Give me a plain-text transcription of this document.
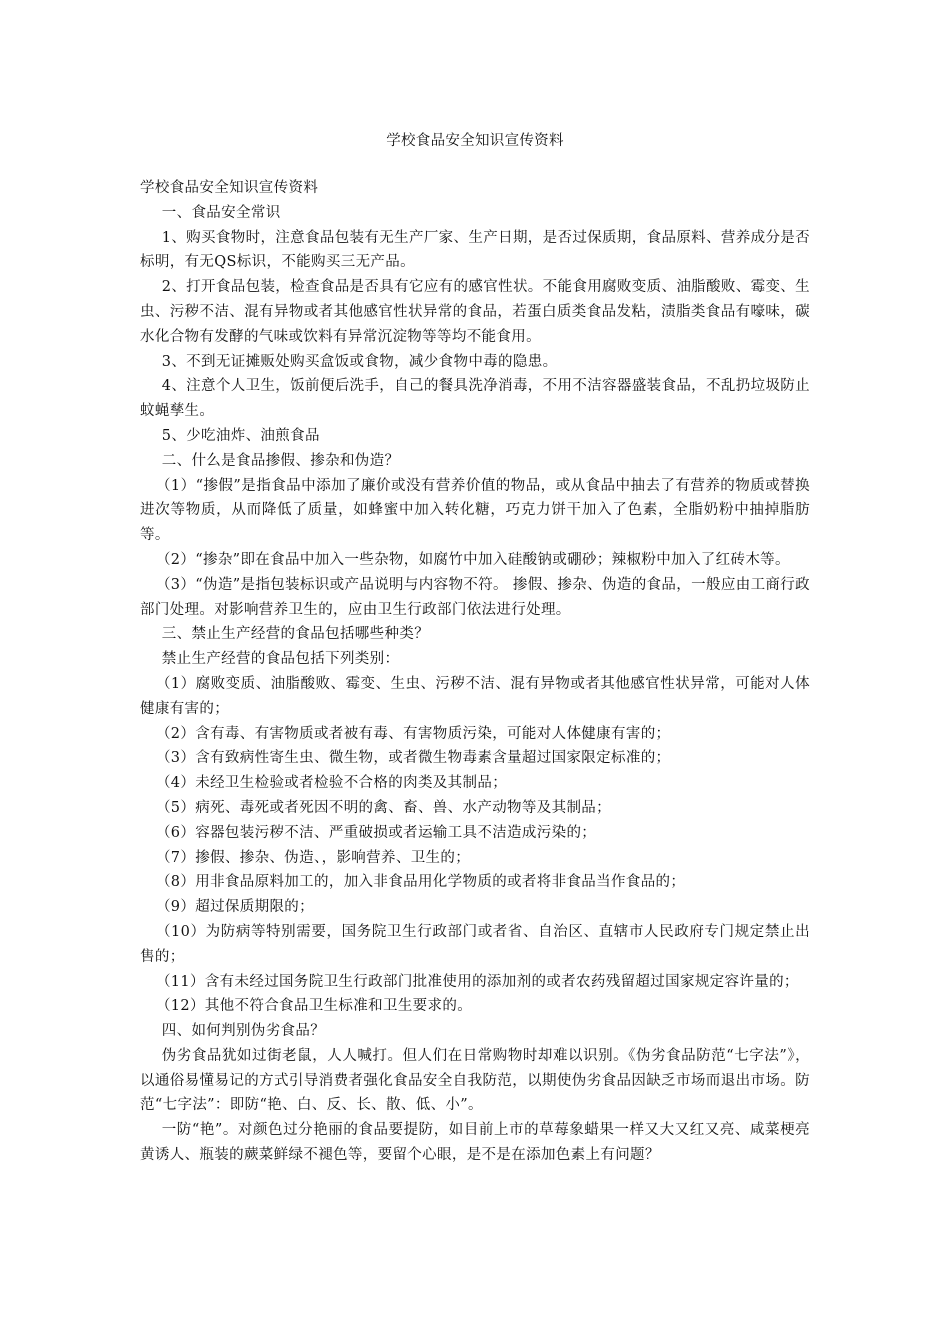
学校食品安全知识宣传资料

学校食品安全知识宣传资料

一、食品安全常识

1、购买食物时，注意食品包装有无生产厂家、生产日期，是否过保质期，食品原料、营养成分是否标明，有无QS标识，不能购买三无产品。

2、打开食品包装，检查食品是否具有它应有的感官性状。不能食用腐败变质、油脂酸败、霉变、生虫、污秽不洁、混有异物或者其他感官性状异常的食品，若蛋白质类食品发粘，渍脂类食品有嚎味，碳水化合物有发酵的气味或饮料有异常沉淀物等等均不能食用。

3、不到无证摊贩处购买盒饭或食物，减少食物中毒的隐患。

4、注意个人卫生，饭前便后洗手，自己的餐具洗净消毒，不用不洁容器盛装食品，不乱扔垃圾防止蚊蝇孳生。

5、少吃油炸、油煎食品

二、什么是食品掺假、掺杂和伪造？

（1）“掺假”是指食品中添加了廉价或没有营养价值的物品，或从食品中抽去了有营养的物质或替换进次等物质，从而降低了质量，如蜂蜜中加入转化糖，巧克力饼干加入了色素，全脂奶粉中抽掉脂肪等。

（2）“掺杂”即在食品中加入一些杂物，如腐竹中加入硅酸钠或硼砂；辣椒粉中加入了红砖木等。

（3）“伪造”是指包装标识或产品说明与内容物不符。 掺假、掺杂、伪造的食品，一般应由工商行政部门处理。对影响营养卫生的，应由卫生行政部门依法进行处理。

三、禁止生产经营的食品包括哪些种类？

禁止生产经营的食品包括下列类别：

（1）腐败变质、油脂酸败、霉变、生虫、污秽不洁、混有异物或者其他感官性状异常，可能对人体健康有害的；

（2）含有毒、有害物质或者被有毒、有害物质污染，可能对人体健康有害的；

（3）含有致病性寄生虫、微生物，或者微生物毒素含量超过国家限定标准的；

（4）未经卫生检验或者检验不合格的肉类及其制品；

（5）病死、毒死或者死因不明的禽、畜、兽、水产动物等及其制品；

（6）容器包装污秽不洁、严重破损或者运输工具不洁造成污染的；

（7）掺假、掺杂、伪造、，影响营养、卫生的；

（8）用非食品原料加工的，加入非食品用化学物质的或者将非食品当作食品的；

（9）超过保质期限的；

（10）为防病等特别需要，国务院卫生行政部门或者省、自治区、直辖市人民政府专门规定禁止出售的；

（11）含有未经过国务院卫生行政部门批准使用的添加剂的或者农药残留超过国家规定容许量的；

（12）其他不符合食品卫生标准和卫生要求的。

四、如何判别伪劣食品？

伪劣食品犹如过街老鼠，人人喊打。但人们在日常购物时却难以识别。《伪劣食品防范“七字法”》，以通俗易懂易记的方式引导消费者强化食品安全自我防范，以期使伪劣食品因缺乏市场而退出市场。防范“七字法”：即防“艳、白、反、长、散、低、小”。

一防“艳”。对颜色过分艳丽的食品要提防，如目前上市的草莓象蜡果一样又大又红又亮、咸菜梗亮黄诱人、瓶装的蕨菜鲜绿不褪色等，要留个心眼，是不是在添加色素上有问题？
